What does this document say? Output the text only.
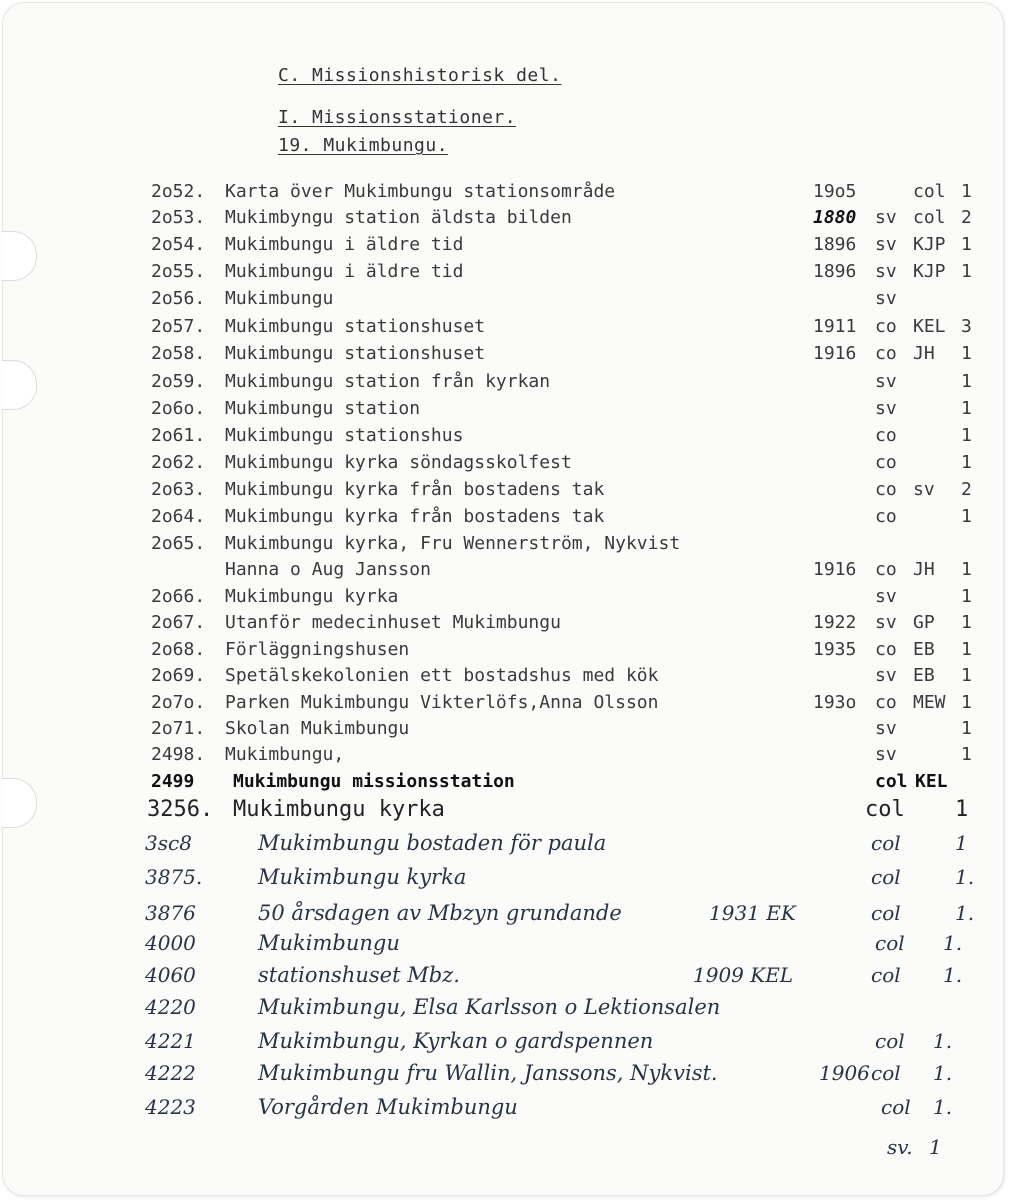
C. Missionshistorisk del.
I. Missionsstationer.
19. Mukimbungu.
2o52. Karta över Mukimbungu stationsområde	19o5	col 1
2o53. Mukimbyngu station äldsta bilden	1880 sv col 2
2o54. Mukimbungu i äldre tid	1896 sv KJP 1
2o55. Mukimbungu i äldre tid	1896 sv KJP 1
2o56. Mukimbungu	sv
2o57. Mukimbungu stationshuset	1911 co KEL 3
2o58. Mukimbungu stationshuset	1916 co JH 1
2o59. Mukimbungu station från kyrkan	sv	1
2o6o. Mukimbungu station	sv	1
2o61. Mukimbungu stationshus	co	1
2o62. Mukimbungu kyrka söndagsskolfest	co	1
2o63. Mukimbungu kyrka från bostadens tak	co sv 2
2o64. Mukimbungu kyrka från bostadens tak	co	1
2o65. Mukimbungu kyrka, Fru Wennerström, Nykvist
Hanna o Aug Jansson	1916 co JH 1
2o66. Mukimbungu kyrka	sv	1
2o67. Utanför medecinhuset Mukimbungu	1922 sv GP 1
2o68. Förläggningshusen	1935 co EB 1
2o69. Spetälskekolonien ett bostadshus med kök	sv EB 1
2o7o. Parken Mukimbungu Vikterlöfs,Anna Olsson	193o co MEW 1
2o71. Skolan Mukimbungu	sv	1
2498. Mukimbungu,	sv	1
2499 Mukimbungu missionsstation	col KEL
3256. Mukimbungu kyrka	col 1
3sc8	Mukimbungu bostaden för paula	col	1
3875.	Mukimbungu kyrka	col	1.
3876	50 årsdagen av Mbzyn grundande	1931 EK	col	1.
4000	Mukimbungu	col 1.
4060	stationshuset Mbz.	1909 KEL	col 1.
4220	Mukimbungu, Elsa Karlsson o Lektionsalen
4221	Mukimbungu, Kyrkan o gardspennen	col 1.
4222	Mukimbungu fru Wallin, Janssons, Nykvist.	1906 col 1.
4223	Vorgården Mukimbungu	col 1.
sv. 1
